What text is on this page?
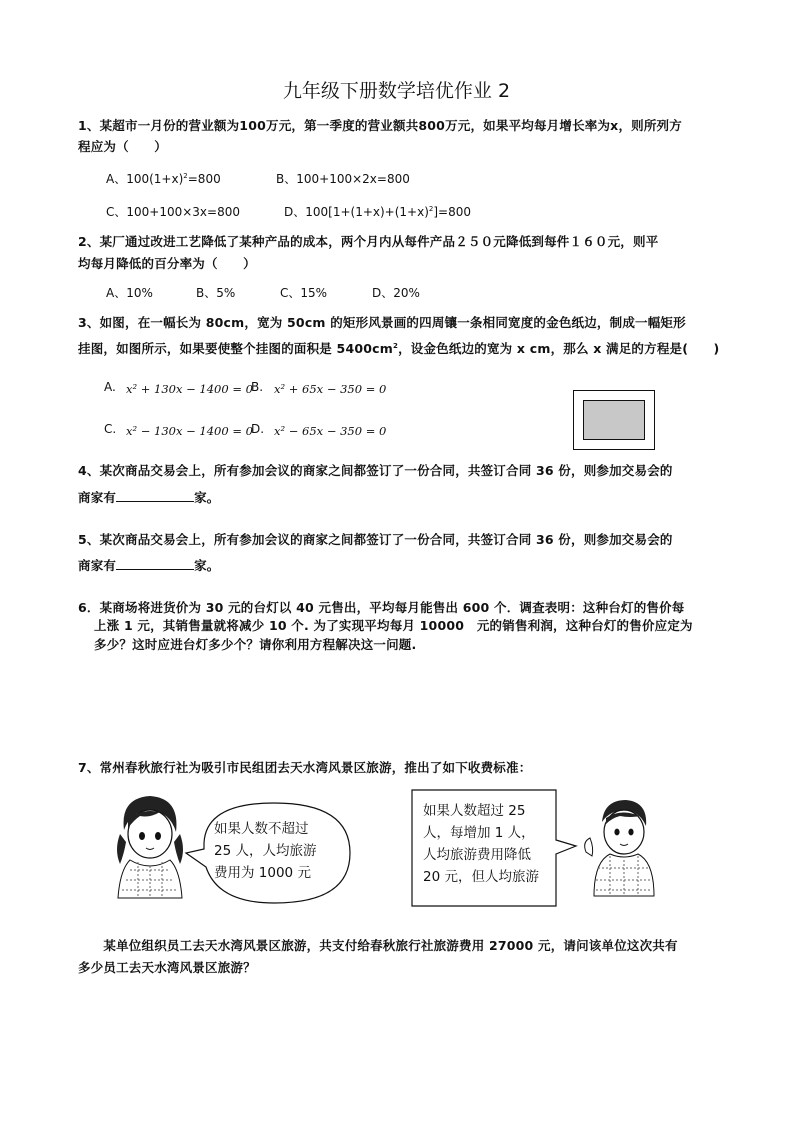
九年级下册数学培优作业 2
1、某超市一月份的营业额为100万元，第一季度的营业额共800万元，如果平均每月增长率为x，则所列方
程应为（　　）
A、$100(1+x)^2=800$	B、100+100×2x=800
C、100+100×3x=800	D、$100[1+(1+x)+(1+x)^2]=800$
2、某厂通过改进工艺降低了某种产品的成本，两个月内从每件产品２５０元降低到每件１６０元，则平
均每月降低的百分率为（　　）
A、10%	B、5%	C、15%	D、20%
3、如图，在一幅长为 80cm，宽为 50cm 的矩形风景画的四周镶一条相同宽度的金色纸边，制成一幅矩形
挂图，如图所示，如果要使整个挂图的面积是 $5400cm^2$，设金色纸边的宽为 x cm，那么 x 满足的方程是(　　)
A. x² + 130x − 1400 = 0
B. x² + 65x − 350 = 0
C. x² − 130x − 1400 = 0
D. x² − 65x − 350 = 0
4、某次商品交易会上，所有参加会议的商家之间都签订了一份合同，共签订合同 36 份，则参加交易会的
商家有	家。
5、某次商品交易会上，所有参加会议的商家之间都签订了一份合同，共签订合同 36 份，则参加交易会的
商家有	家。
6．某商场将进货价为 30 元的台灯以 40 元售出，平均每月能售出 600 个．调查表明：这种台灯的售价每
上涨 1 元，其销售量就将减少 10 个. 为了实现平均每月 10000　元的销售利润，这种台灯的售价应定为
多少？这时应进台灯多少个？请你利用方程解决这一问题.
7、常州春秋旅行社为吸引市民组团去天水湾风景区旅游，推出了如下收费标准：
如果人数不超过
25 人，人均旅游
费用为 1000 元
如果人数超过 25
人，每增加 1 人，
人均旅游费用降低
20 元，但人均旅游
　　某单位组织员工去天水湾风景区旅游，共支付给春秋旅行社旅游费用 27000 元，请问该单位这次共有
多少员工去天水湾风景区旅游？
